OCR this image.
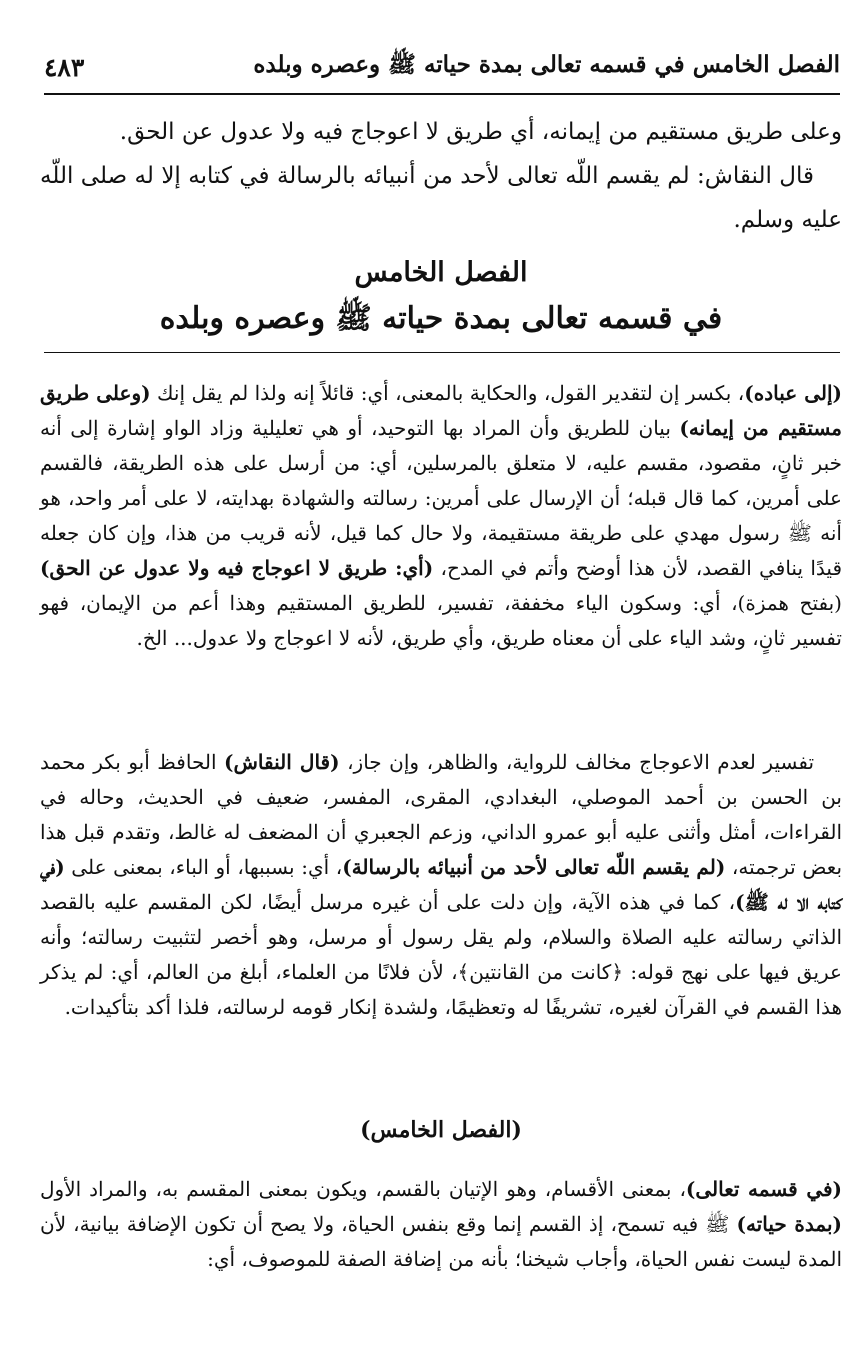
الفصل الخامس في قسمه تعالى بمدة حياته ﷺ وعصره وبلده
٤٨٣

وعلى طريق مستقيم من إيمانه، أي طريق لا اعوجاج فيه ولا عدول عن الحق.

قال النقاش: لم يقسم اللّه تعالى لأحد من أنبيائه بالرسالة في كتابه إلا له صلى اللّه عليه وسلم.

الفصل الخامس
في قسمه تعالى بمدة حياته ﷺ وعصره وبلده

(إلى عباده)، بكسر إن لتقدير القول، والحكاية بالمعنى، أي: قائلاً إنه ولذا لم يقل إنك (وعلى طريق مستقيم من إيمانه) بيان للطريق وأن المراد بها التوحيد، أو هي تعليلية وزاد الواو إشارة إلى أنه خبر ثانٍ، مقصود، مقسم عليه، لا متعلق بالمرسلين، أي: من أرسل على هذه الطريقة، فالقسم على أمرين، كما قال قبله؛ أن الإرسال على أمرين: رسالته والشهادة بهدايته، لا على أمر واحد، هو أنه ﷺ رسول مهدي على طريقة مستقيمة، ولا حال كما قيل، لأنه قريب من هذا، وإن كان جعله قيدًا ينافي القصد، لأن هذا أوضح وأتم في المدح، (أي: طريق لا اعوجاج فيه ولا عدول عن الحق) (بفتح همزة)، أي: وسكون الياء مخففة، تفسير، للطريق المستقيم وهذا أعم من الإيمان، فهو تفسير ثانٍ، وشد الياء على أن معناه طريق، وأي طريق، لأنه لا اعوجاج ولا عدول... الخ.

تفسير لعدم الاعوجاج مخالف للرواية، والظاهر، وإن جاز، (قال النقاش) الحافظ أبو بكر محمد بن الحسن بن أحمد الموصلي، البغدادي، المقرى، المفسر، ضعيف في الحديث، وحاله في القراءات، أمثل وأثنى عليه أبو عمرو الداني، وزعم الجعبري أن المضعف له غالط، وتقدم قبل هذا بعض ترجمته، (لم يقسم اللّه تعالى لأحد من أنبيائه بالرسالة)، أي: بسببها، أو الباء، بمعنى على (في كتابه الا له ﷺ)، كما في هذه الآية، وإن دلت على أن غيره مرسل أيضًا، لكن المقسم عليه بالقصد الذاتي رسالته عليه الصلاة والسلام، ولم يقل رسول أو مرسل، وهو أخصر لتثبيت رسالته؛ وأنه عريق فيها على نهج قوله: ﴿كانت من القانتين﴾، لأن فلانًا من العلماء، أبلغ من العالم، أي: لم يذكر هذا القسم في القرآن لغيره، تشريفًا له وتعظيمًا، ولشدة إنكار قومه لرسالته، فلذا أكد بتأكيدات.

(الفصل الخامس)

(في قسمه تعالى)، بمعنى الأقسام، وهو الإتيان بالقسم، ويكون بمعنى المقسم به، والمراد الأول (بمدة حياته) ﷺ فيه تسمح، إذ القسم إنما وقع بنفس الحياة، ولا يصح أن تكون الإضافة بيانية، لأن المدة ليست نفس الحياة، وأجاب شيخنا؛ بأنه من إضافة الصفة للموصوف، أي:
